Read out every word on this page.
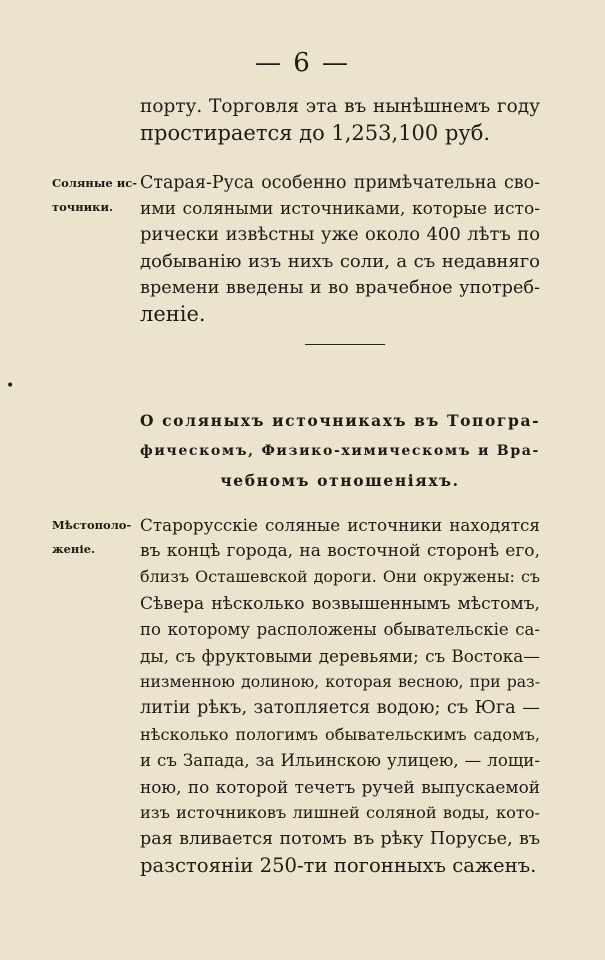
— 6 —
порту. Торговля эта въ нынѣшнемъ году
простирается до 1,253,100 руб.
Соляные ис-
точники.
Старая-Руса особенно примѣчательна сво-
ими соляными источниками, которые исто-
рически извѣстны уже около 400 лѣтъ по
добыванію изъ нихъ соли, а съ недавняго
времени введены и во врачебное употреб-
леніе.
•
О соляныхъ источникахъ въ Топогра-
фическомъ, Физико-химическомъ и Вра-
чебномъ отношеніяхъ.
Мѣстополо-
женіе.
Старорусскіе соляные источники находятся
въ концѣ города, на восточной сторонѣ его,
близъ Осташевской дороги. Они окружены: съ
Сѣвера нѣсколько возвышеннымъ мѣстомъ,
по которому расположены обывательскіе са-
ды, съ фруктовыми деревьями; съ Востока—
низменною долиною, которая весною, при раз-
литіи рѣкъ, затопляется водою; съ Юга —
нѣсколько пологимъ обывательскимъ садомъ,
и съ Запада, за Ильинскою улицею, — лощи-
ною, по которой течетъ ручей выпускаемой
изъ источниковъ лишней соляной воды, кото-
рая вливается потомъ въ рѣку Порусье, въ
разстояніи 250-ти погонныхъ саженъ.
